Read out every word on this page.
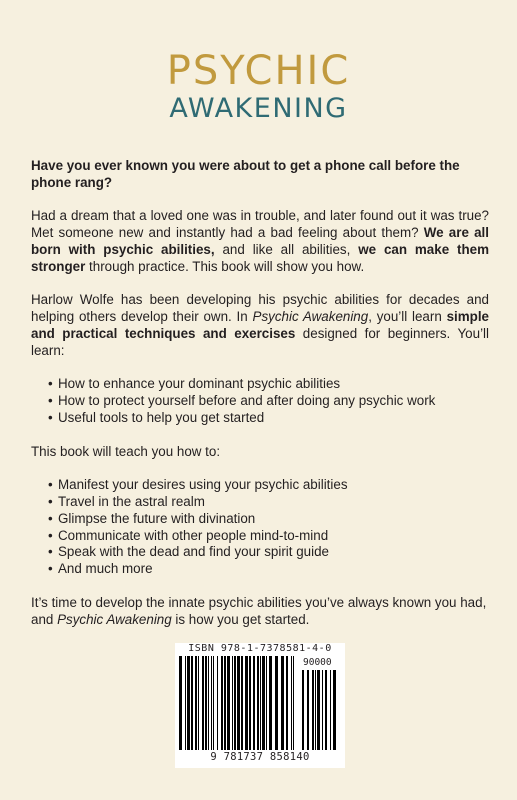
PSYCHIC
AWAKENING

Have you ever known you were about to get a phone call before the phone rang?

Had a dream that a loved one was in trouble, and later found out it was true? Met someone new and instantly had a bad feeling about them? We are all born with psychic abilities, and like all abilities, we can make them stronger through practice. This book will show you how.

Harlow Wolfe has been developing his psychic abilities for decades and helping others develop their own. In Psychic Awakening, you’ll learn simple and practical techniques and exercises designed for beginners. You’ll learn:

• How to enhance your dominant psychic abilities
• How to protect yourself before and after doing any psychic work
• Useful tools to help you get started

This book will teach you how to:

• Manifest your desires using your psychic abilities
• Travel in the astral realm
• Glimpse the future with divination
• Communicate with other people mind-to-mind
• Speak with the dead and find your spirit guide
• And much more

It’s time to develop the innate psychic abilities you’ve always known you had, and Psychic Awakening is how you get started.

ISBN 978-1-7378581-4-0
90000
9 781737 858140
